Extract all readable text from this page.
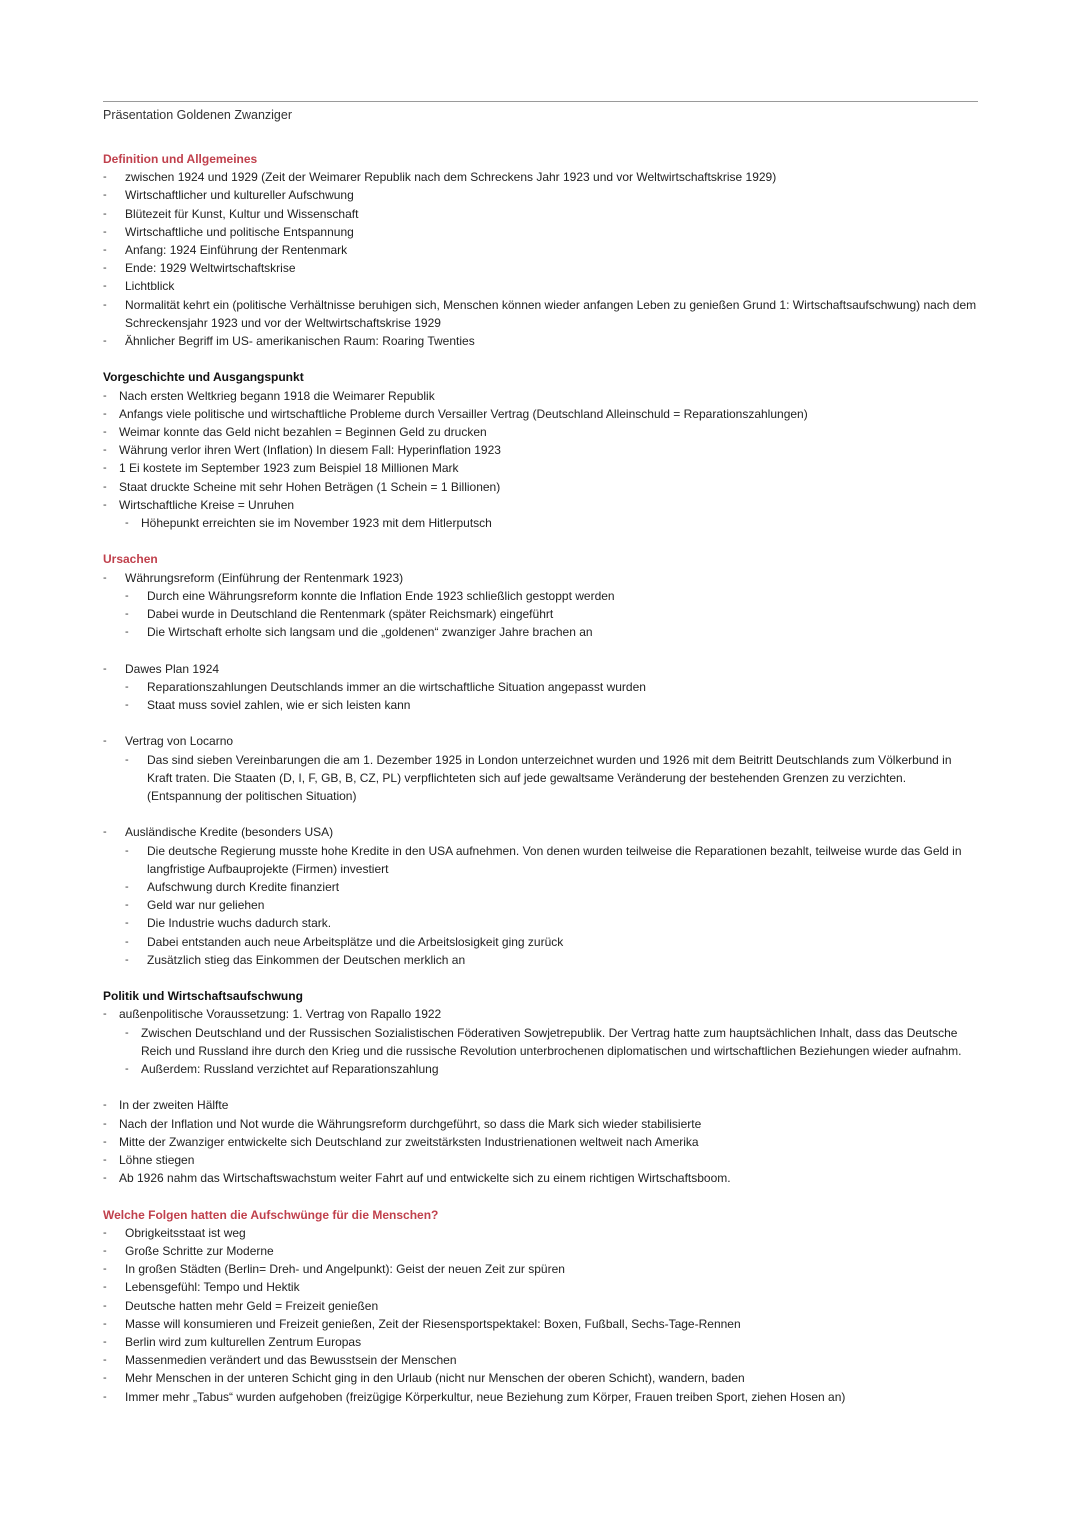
Präsentation Goldenen Zwanziger
Definition und Allgemeines
- zwischen 1924 und 1929 (Zeit der Weimarer Republik nach dem Schreckens Jahr 1923 und vor Weltwirtschaftskrise 1929)
- Wirtschaftlicher und kultureller Aufschwung
- Blütezeit für Kunst, Kultur und Wissenschaft
- Wirtschaftliche und politische Entspannung
- Anfang: 1924 Einführung der Rentenmark
- Ende: 1929 Weltwirtschaftskrise
- Lichtblick
- Normalität kehrt ein (politische Verhältnisse beruhigen sich, Menschen können wieder anfangen Leben zu genießen Grund 1: Wirtschaftsaufschwung) nach dem Schreckensjahr 1923 und vor der Weltwirtschaftskrise 1929
- Ähnlicher Begriff im US- amerikanischen Raum: Roaring Twenties
Vorgeschichte und Ausgangspunkt
- Nach ersten Weltkrieg begann 1918 die Weimarer Republik
- Anfangs viele politische und wirtschaftliche Probleme durch Versailler Vertrag (Deutschland Alleinschuld = Reparationszahlungen)
- Weimar konnte das Geld nicht bezahlen = Beginnen Geld zu drucken
- Währung verlor ihren Wert (Inflation) In diesem Fall: Hyperinflation 1923
- 1 Ei kostete im September 1923 zum Beispiel 18 Millionen Mark
- Staat druckte Scheine mit sehr Hohen Beträgen (1 Schein = 1 Billionen)
- Wirtschaftliche Kreise = Unruhen
- Höhepunkt erreichten sie im November 1923 mit dem Hitlerputsch
Ursachen
- Währungsreform (Einführung der Rentenmark 1923)
- Durch eine Währungsreform konnte die Inflation Ende 1923 schließlich gestoppt werden
- Dabei wurde in Deutschland die Rentenmark (später Reichsmark) eingeführt
- Die Wirtschaft erholte sich langsam und die „goldenen“ zwanziger Jahre brachen an
- Dawes Plan 1924
- Reparationszahlungen Deutschlands immer an die wirtschaftliche Situation angepasst wurden
- Staat muss soviel zahlen, wie er sich leisten kann
- Vertrag von Locarno
- Das sind sieben Vereinbarungen die am 1. Dezember 1925 in London unterzeichnet wurden und 1926 mit dem Beitritt Deutschlands zum Völkerbund in Kraft traten. Die Staaten (D, I, F, GB, B, CZ, PL) verpflichteten sich auf jede gewaltsame Veränderung der bestehenden Grenzen zu verzichten. (Entspannung der politischen Situation)
- Ausländische Kredite (besonders USA)
- Die deutsche Regierung musste hohe Kredite in den USA aufnehmen. Von denen wurden teilweise die Reparationen bezahlt, teilweise wurde das Geld in langfristige Aufbauprojekte (Firmen) investiert
- Aufschwung durch Kredite finanziert
- Geld war nur geliehen
- Die Industrie wuchs dadurch stark.
- Dabei entstanden auch neue Arbeitsplätze und die Arbeitslosigkeit ging zurück
- Zusätzlich stieg das Einkommen der Deutschen merklich an
Politik und Wirtschaftsaufschwung
- außenpolitische Voraussetzung: 1. Vertrag von Rapallo 1922
- Zwischen Deutschland und der Russischen Sozialistischen Föderativen Sowjetrepublik. Der Vertrag hatte zum hauptsächlichen Inhalt, dass das Deutsche Reich und Russland ihre durch den Krieg und die russische Revolution unterbrochenen diplomatischen und wirtschaftlichen Beziehungen wieder aufnahm.
- Außerdem: Russland verzichtet auf Reparationszahlung
- In der zweiten Hälfte
- Nach der Inflation und Not wurde die Währungsreform durchgeführt, so dass die Mark sich wieder stabilisierte
- Mitte der Zwanziger entwickelte sich Deutschland zur zweitstärksten Industrienationen weltweit nach Amerika
- Löhne stiegen
- Ab 1926 nahm das Wirtschaftswachstum weiter Fahrt auf und entwickelte sich zu einem richtigen Wirtschaftsboom.
Welche Folgen hatten die Aufschwünge für die Menschen?
- Obrigkeitsstaat ist weg
- Große Schritte zur Moderne
- In großen Städten (Berlin= Dreh- und Angelpunkt): Geist der neuen Zeit zur spüren
- Lebensgefühl: Tempo und Hektik
- Deutsche hatten mehr Geld = Freizeit genießen
- Masse will konsumieren und Freizeit genießen, Zeit der Riesensportspektakel: Boxen, Fußball, Sechs-Tage-Rennen
- Berlin wird zum kulturellen Zentrum Europas
- Massenmedien verändert und das Bewusstsein der Menschen
- Mehr Menschen in der unteren Schicht ging in den Urlaub (nicht nur Menschen der oberen Schicht), wandern, baden
- Immer mehr „Tabus“ wurden aufgehoben (freizügige Körperkultur, neue Beziehung zum Körper, Frauen treiben Sport, ziehen Hosen an)
